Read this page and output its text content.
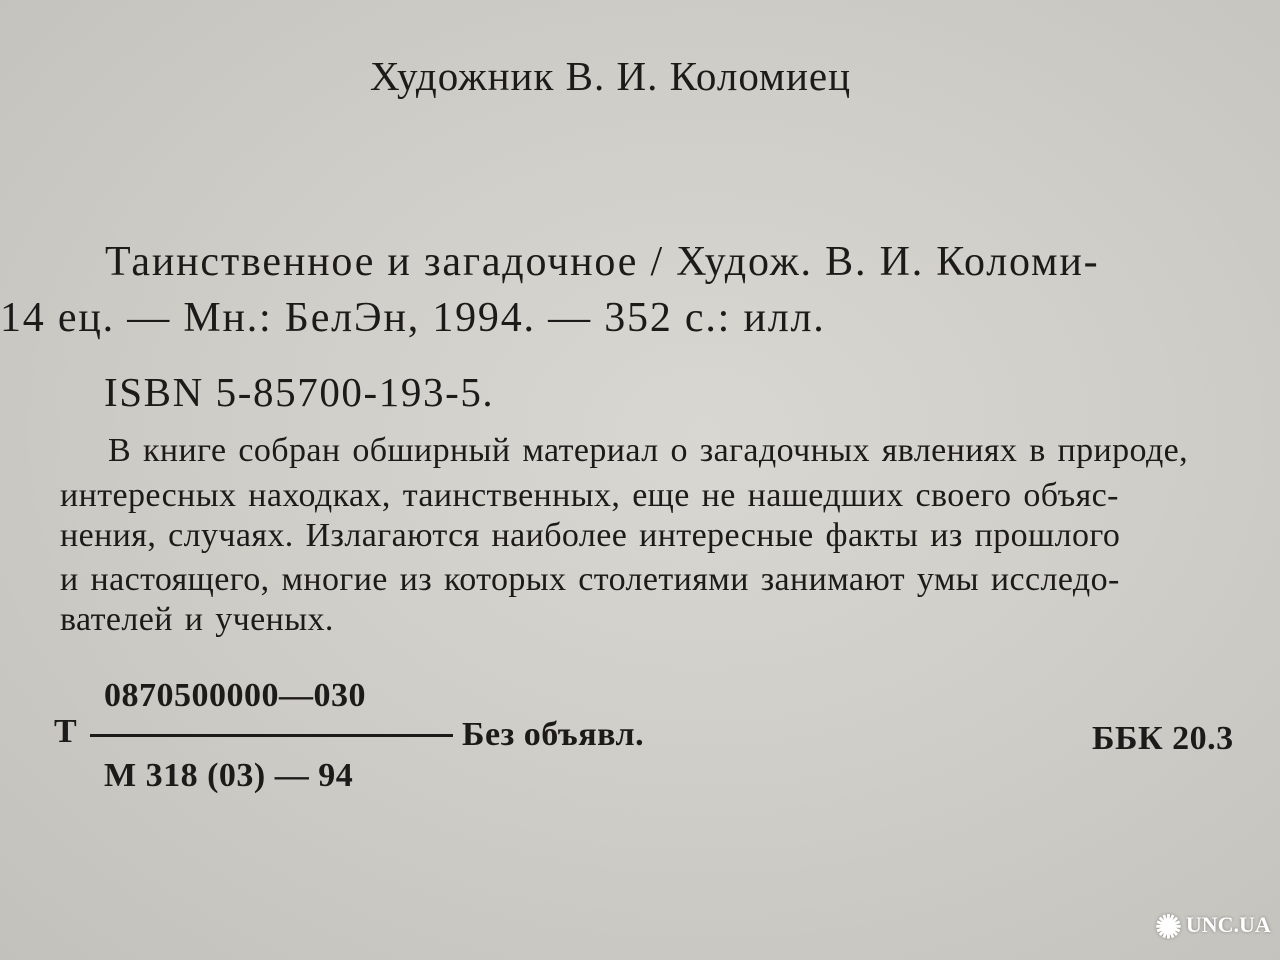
Художник В. И. Коломиец

Таинственное и загадочное / Худож. В. И. Коломи-

14 ец. — Мн.: БелЭн, 1994. — 352 с.: илл.

ISBN 5-85700-193-5.

В книге собран обширный материал о загадочных явлениях в природе,

интересных находках, таинственных, еще не нашедших своего объяс-

нения, случаях. Излагаются наиболее интересные факты из прошлого

и настоящего, многие из которых столетиями занимают умы исследо-

вателей и ученых.

0870500000—030

Т	Без объявл.

М 318 (03) — 94

ББК 20.3

✺ UNC.UA
